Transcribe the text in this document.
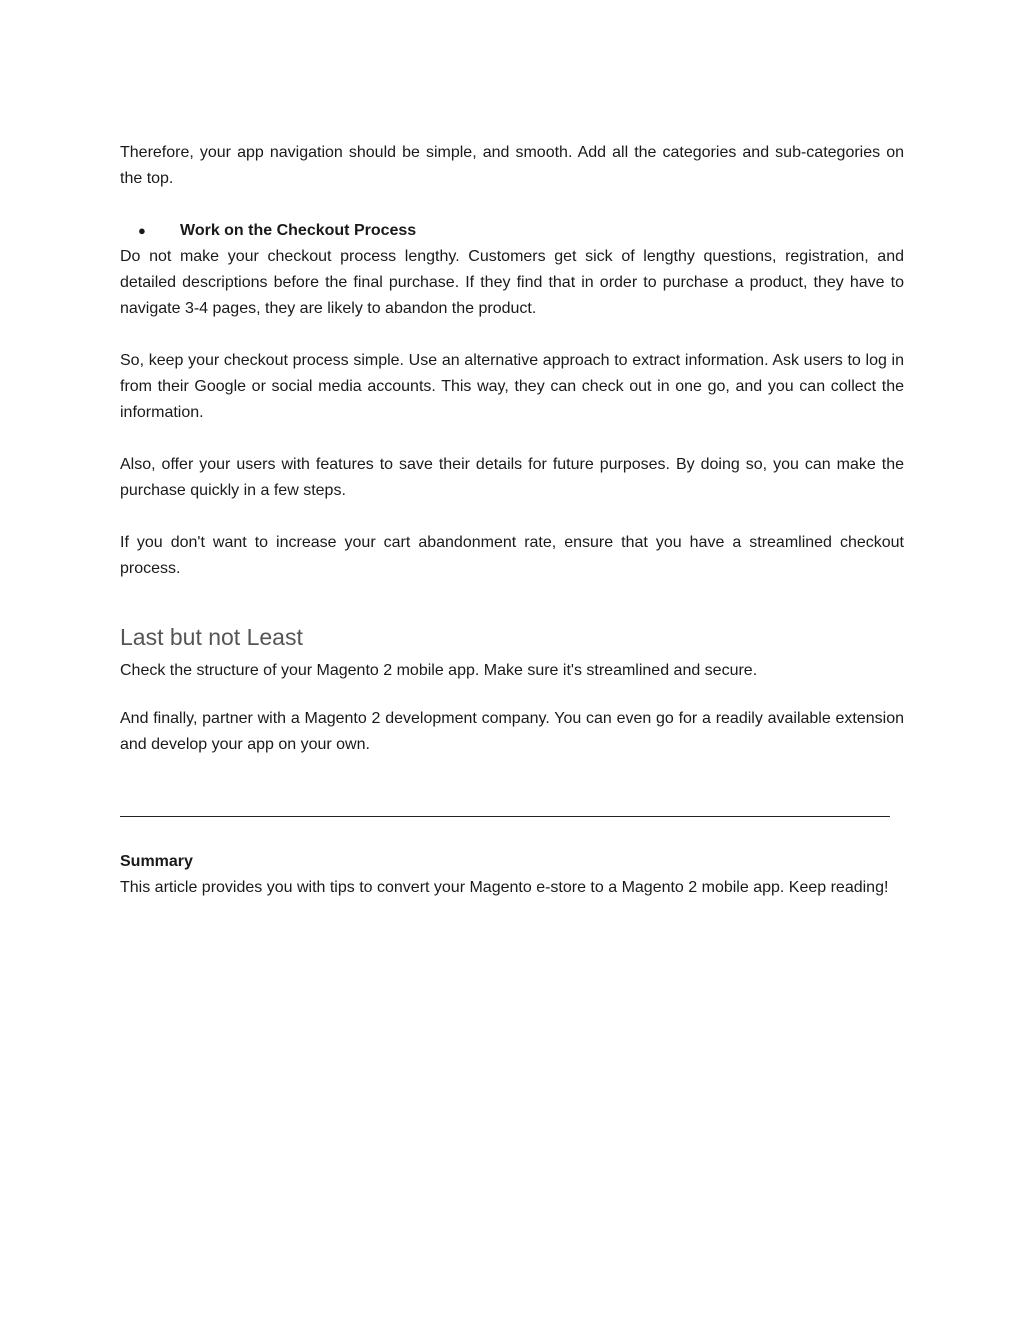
Therefore, your app navigation should be simple, and smooth. Add all the categories and sub-categories on the top.

●	Work on the Checkout Process

Do not make your checkout process lengthy. Customers get sick of lengthy questions, registration, and detailed descriptions before the final purchase. If they find that in order to purchase a product, they have to navigate 3-4 pages, they are likely to abandon the product.

So, keep your checkout process simple. Use an alternative approach to extract information. Ask users to log in from their Google or social media accounts. This way, they can check out in one go, and you can collect the information.

Also, offer your users with features to save their details for future purposes. By doing so, you can make the purchase quickly in a few steps.

If you don't want to increase your cart abandonment rate, ensure that you have a streamlined checkout process.

Last but not Least

Check the structure of your Magento 2 mobile app. Make sure it's streamlined and secure.

And finally, partner with a Magento 2 development company. You can even go for a readily available extension and develop your app on your own.

Summary

This article provides you with tips to convert your Magento e-store to a Magento 2 mobile app. Keep reading!
